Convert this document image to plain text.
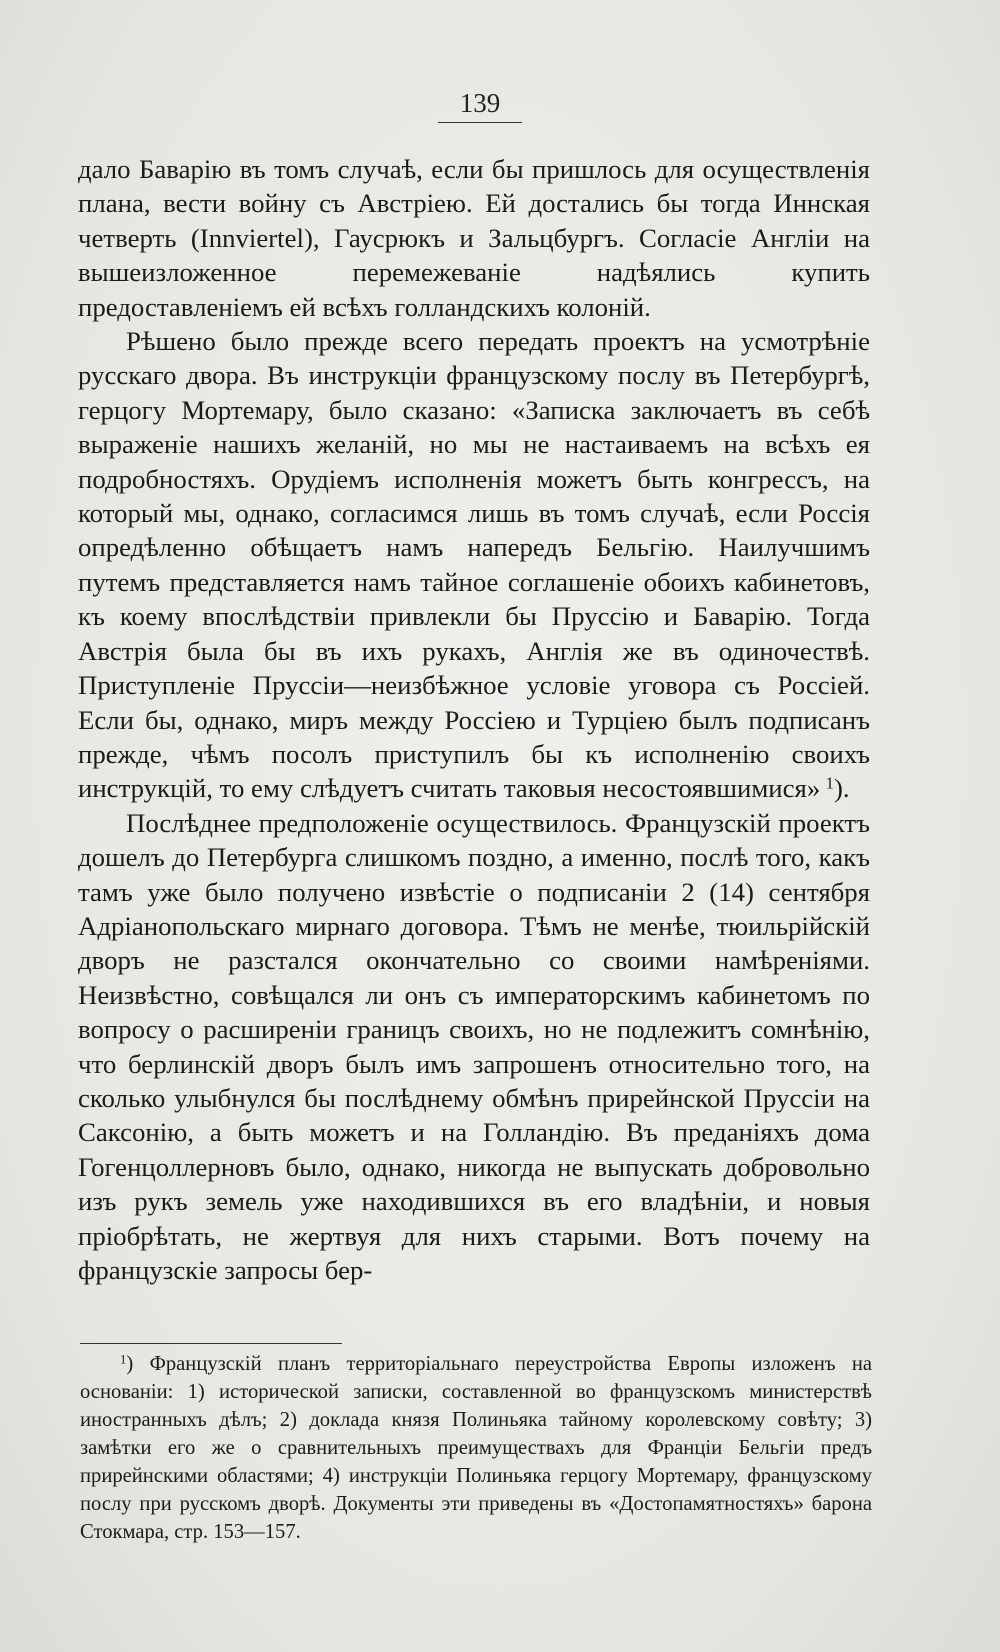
139

дало Баварію въ томъ случаѣ, если бы пришлось для осуществленія плана, вести войну съ Австріею. Ей достались бы тогда Иннская четверть (Innviertel), Гаусрюкъ и Зальцбургъ. Согласіе Англіи на вышеизложенное перемежеваніе надѣялись купить предоставленіемъ ей всѣхъ голландскихъ колоній.

Рѣшено было прежде всего передать проектъ на усмотрѣніе русскаго двора. Въ инструкціи французскому послу въ Петербургѣ, герцогу Мортемару, было сказано: «Записка заключаетъ въ себѣ выраженіе нашихъ желаній, но мы не настаиваемъ на всѣхъ ея подробностяхъ. Орудіемъ исполненія можетъ быть конгрессъ, на который мы, однако, согласимся лишь въ томъ случаѣ, если Россія опредѣленно обѣщаетъ намъ напередъ Бельгію. Наилучшимъ путемъ представляется намъ тайное соглашеніе обоихъ кабинетовъ, къ коему впослѣдствіи привлекли бы Пруссію и Баварію. Тогда Австрія была бы въ ихъ рукахъ, Англія же въ одиночествѣ. Приступленіе Пруссіи—неизбѣжное условіе уговора съ Россіей. Если бы, однако, миръ между Россіею и Турціею былъ подписанъ прежде, чѣмъ посолъ приступилъ бы къ исполненію своихъ инструкцій, то ему слѣдуетъ считать таковыя несостоявшимися»  $^1$).

Послѣднее предположеніе осуществилось. Французскій проектъ дошелъ до Петербурга слишкомъ поздно, а именно, послѣ того, какъ тамъ уже было получено извѣстіе о подписаніи 2 (14) сентября Адріанопольскаго мирнаго договора. Тѣмъ не менѣе, тюильрійскій дворъ не разстался окончательно со своими намѣреніями. Неизвѣстно, совѣщался ли онъ съ императорскимъ кабинетомъ по вопросу о расширеніи границъ своихъ, но не подлежитъ сомнѣнію, что берлинскій дворъ былъ имъ запрошенъ относительно того, на сколько улыбнулся бы послѣднему обмѣнъ прирейнской Пруссіи на Саксонію, а быть можетъ и на Голландію. Въ преданіяхъ дома Гогенцоллерновъ было, однако, никогда не выпускать добровольно изъ рукъ земель уже находившихся въ его владѣніи, и новыя пріобрѣтать, не жертвуя для нихъ старыми. Вотъ почему на французскіе запросы бер-

$^1$) Французскій планъ территоріальнаго переустройства Европы изложенъ на основаніи: 1) исторической записки, составленной во французскомъ министерствѣ иностранныхъ дѣлъ; 2) доклада князя Полиньяка тайному королевскому совѣту; 3) замѣтки его же о сравнительныхъ преимуществахъ для Франціи Бельгіи предъ прирейнскими областями; 4) инструкціи Полиньяка герцогу Мортемару, французскому послу при русскомъ дворѣ. Документы эти приведены въ «Достопамятностяхъ» барона Стокмара, стр. 153—157.
